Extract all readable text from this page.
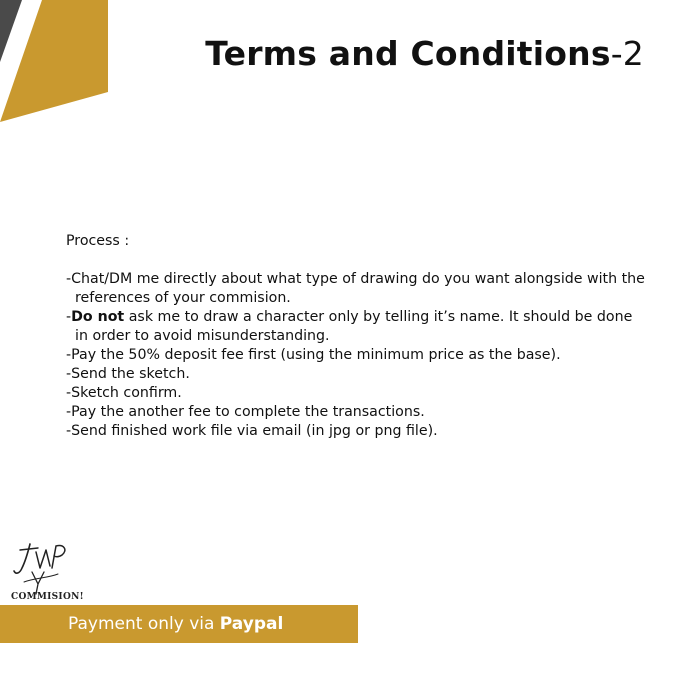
Terms and Conditions-2

Process :

-Chat/DM me directly about what type of drawing do you want alongside with the references of your commision.

-Do not ask me to draw a character only by telling it’s name. It should be done in order to avoid misunderstanding.

-Pay the 50% deposit fee first (using the minimum price as the base).

-Send the sketch.

-Sketch confirm.

-Pay the another fee to complete the transactions.

-Send finished work file via email (in jpg or png file).

COMMISION!
Payment only via Paypal
